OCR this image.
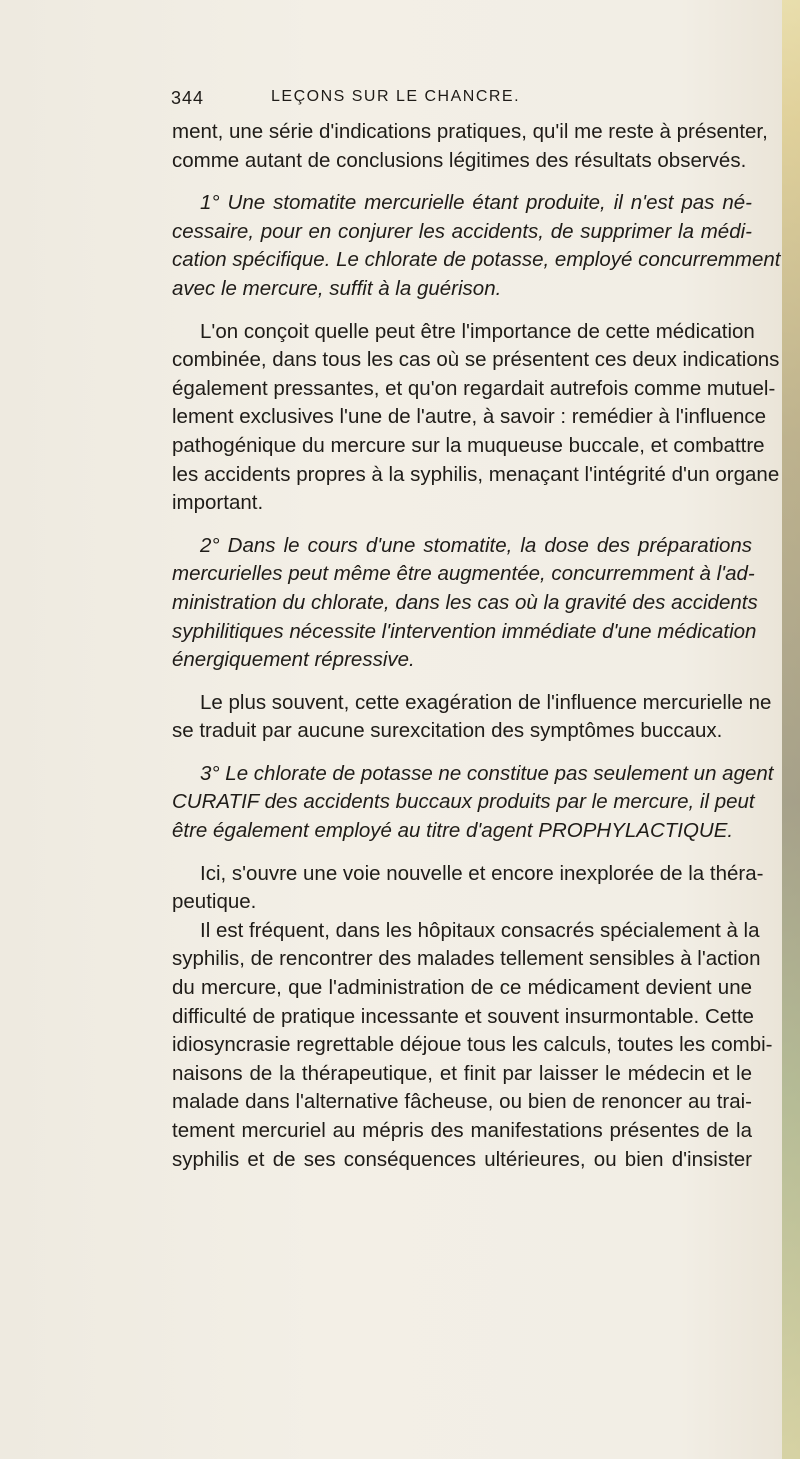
344	LEÇONS SUR LE CHANCRE.

ment, une série d'indications pratiques, qu'il me reste à présenter,
comme autant de conclusions légitimes des résultats observés.

1° Une stomatite mercurielle étant produite, il n'est pas né-
cessaire, pour en conjurer les accidents, de supprimer la médi-
cation spécifique. Le chlorate de potasse, employé concurremment
avec le mercure, suffit à la guérison.

L'on conçoit quelle peut être l'importance de cette médication
combinée, dans tous les cas où se présentent ces deux indications
également pressantes, et qu'on regardait autrefois comme mutuel-
lement exclusives l'une de l'autre, à savoir : remédier à l'influence
pathogénique du mercure sur la muqueuse buccale, et combattre
les accidents propres à la syphilis, menaçant l'intégrité d'un organe
important.

2° Dans le cours d'une stomatite, la dose des préparations
mercurielles peut même être augmentée, concurremment à l'ad-
ministration du chlorate, dans les cas où la gravité des accidents
syphilitiques nécessite l'intervention immédiate d'une médication
énergiquement répressive.

Le plus souvent, cette exagération de l'influence mercurielle ne
se traduit par aucune surexcitation des symptômes buccaux.

3° Le chlorate de potasse ne constitue pas seulement un agent
CURATIF des accidents buccaux produits par le mercure, il peut
être également employé au titre d'agent PROPHYLACTIQUE.

Ici, s'ouvre une voie nouvelle et encore inexplorée de la théra-
peutique.

Il est fréquent, dans les hôpitaux consacrés spécialement à la
syphilis, de rencontrer des malades tellement sensibles à l'action
du mercure, que l'administration de ce médicament devient une
difficulté de pratique incessante et souvent insurmontable. Cette
idiosyncrasie regrettable déjoue tous les calculs, toutes les combi-
naisons de la thérapeutique, et finit par laisser le médecin et le
malade dans l'alternative fâcheuse, ou bien de renoncer au trai-
tement mercuriel au mépris des manifestations présentes de la
syphilis et de ses conséquences ultérieures, ou bien d'insister
